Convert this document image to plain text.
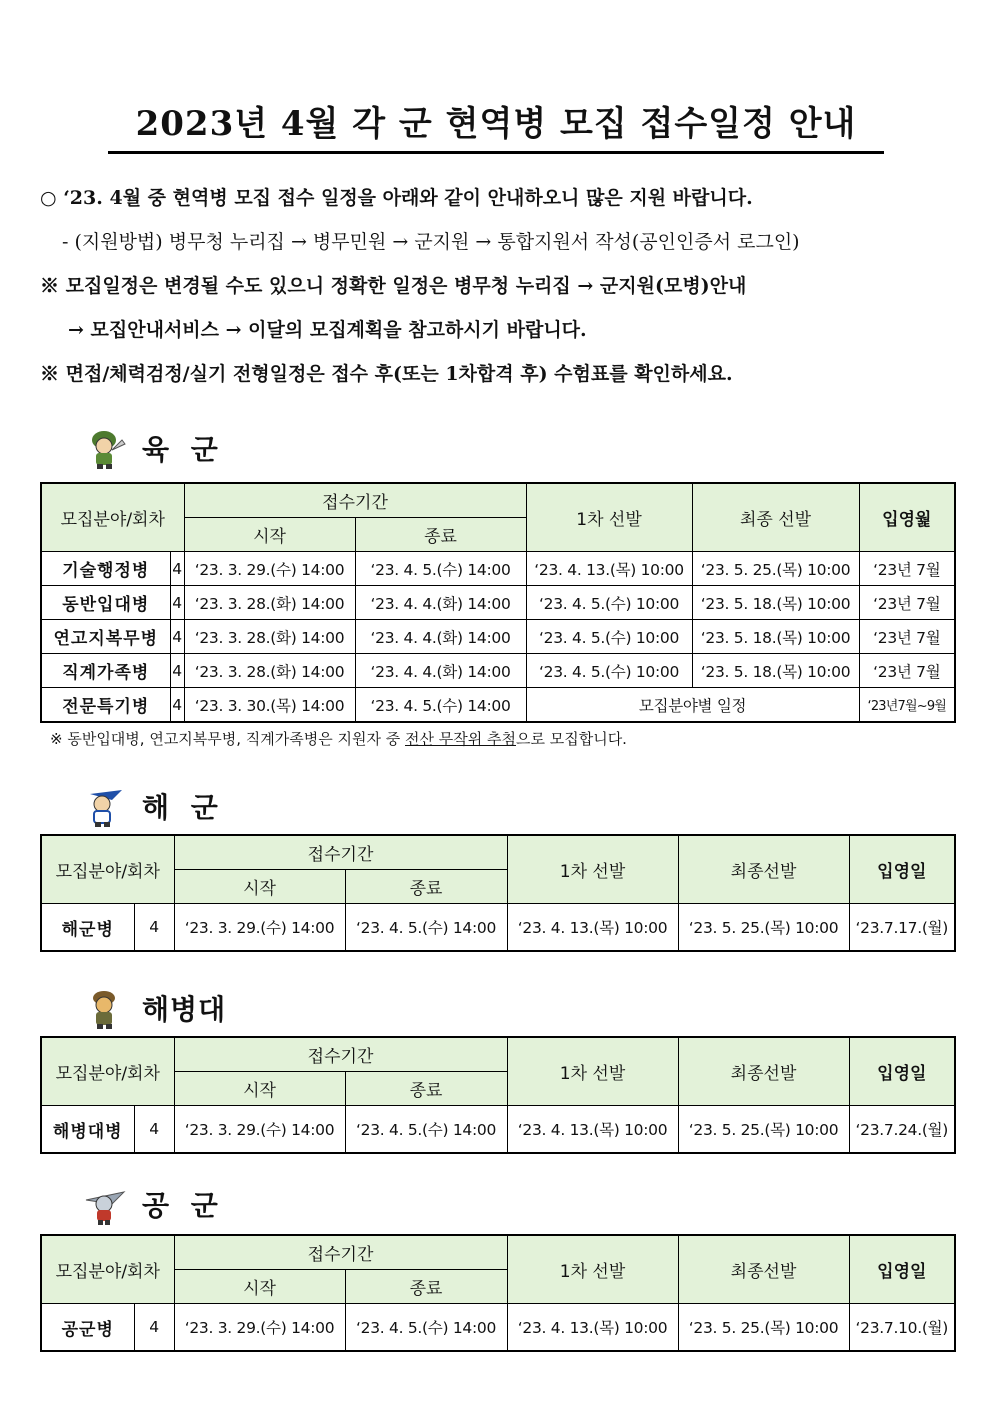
2023년 4월 각 군 현역병 모집 접수일정 안내
○ ‘23. 4월 중 현역병 모집 접수 일정을 아래와 같이 안내하오니 많은 지원 바랍니다.
- (지원방법) 병무청 누리집 → 병무민원 → 군지원 → 통합지원서 작성(공인인증서 로그인)
※ 모집일정은 변경될 수도 있으니 정확한 일정은 병무청 누리집 → 군지원(모병)안내
→ 모집안내서비스 → 이달의 모집계획을 참고하시기 바랍니다.
※ 면접/체력검정/실기 전형일정은 접수 후(또는 1차합격 후) 수험표를 확인하세요.
육 군
모집분야/회차		접수기간		1차 선발	최종 선발	입영웙
		시작	종료			
기술행정병	4	‘23. 3. 29.(수) 14:00	‘23. 4. 5.(수) 14:00	‘23. 4. 13.(목) 10:00	‘23. 5. 25.(목) 10:00	‘23년 7월
동반입대병	4	‘23. 3. 28.(화) 14:00	‘23. 4. 4.(화) 14:00	‘23. 4. 5.(수) 10:00	‘23. 5. 18.(목) 10:00	‘23년 7월
연고지복무병	4	‘23. 3. 28.(화) 14:00	‘23. 4. 4.(화) 14:00	‘23. 4. 5.(수) 10:00	‘23. 5. 18.(목) 10:00	‘23년 7월
직계가족병	4	‘23. 3. 28.(화) 14:00	‘23. 4. 4.(화) 14:00	‘23. 4. 5.(수) 10:00	‘23. 5. 18.(목) 10:00	‘23년 7월
전문특기병	4	‘23. 3. 30.(목) 14:00	‘23. 4. 5.(수) 14:00	모집분야별 일정		‘23년7월~9월
※ 동반입대병, 연고지복무병, 직계가족병은 지원자 중 전산 무작위 추첨으로 모집합니다.
해 군
모집분야/회차		접수기간		1차 선발	최종선발	입영일
		시작	종료			
해군병	4	‘23. 3. 29.(수) 14:00	‘23. 4. 5.(수) 14:00	‘23. 4. 13.(목) 10:00	‘23. 5. 25.(목) 10:00	‘23.7.17.(월)
해병대
모집분야/회차		접수기간		1차 선발	최종선발	입영일
		시작	종료			
해병대병	4	‘23. 3. 29.(수) 14:00	‘23. 4. 5.(수) 14:00	‘23. 4. 13.(목) 10:00	‘23. 5. 25.(목) 10:00	‘23.7.24.(월)
공 군
모집분야/회차		접수기간		1차 선발	최종선발	입영일
		시작	종료			
공군병	4	‘23. 3. 29.(수) 14:00	‘23. 4. 5.(수) 14:00	‘23. 4. 13.(목) 10:00	‘23. 5. 25.(목) 10:00	‘23.7.10.(월)
